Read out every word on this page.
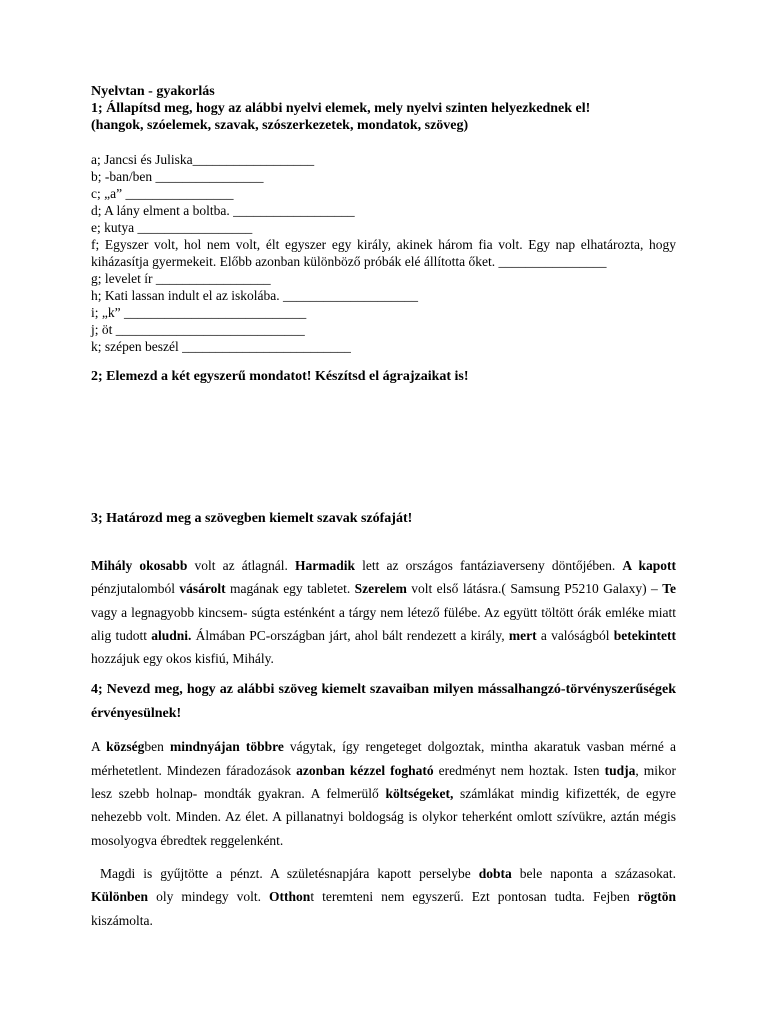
Nyelvtan - gyakorlás
1; Állapítsd meg, hogy az alábbi nyelvi elemek, mely nyelvi szinten helyezkednek el!
(hangok, szóelemek, szavak, szószerkezetek, mondatok, szöveg)
a; Jancsi és Juliska__________________
b; -ban/ben ________________
c; „a” ________________
d; A lány elment a boltba. __________________
e; kutya _________________
f; Egyszer volt, hol nem volt, élt egyszer egy király, akinek három fia volt. Egy nap elhatározta, hogy kiházasítja gyermekeit. Előbb azonban különböző próbák elé állította őket. ________________
g; levelet ír _________________
h; Kati lassan indult el az iskolába. ____________________
i; „k” ___________________________
j; öt ____________________________
k; szépen beszél _________________________
2; Elemezd a két egyszerű mondatot! Készítsd el ágrajzaikat is!
3; Határozd meg a szövegben kiemelt szavak szófaját!
Mihály okosabb volt az átlagnál. Harmadik lett az országos fantáziaverseny döntőjében. A kapott pénzjutalomból vásárolt magának egy tabletet. Szerelem volt első látásra.( Samsung P5210 Galaxy) – Te vagy a legnagyobb kincsem- súgta esténként a tárgy nem létező fülébe. Az együtt töltött órák emléke miatt alig tudott aludni. Álmában PC-országban járt, ahol bált rendezett a király, mert a valóságból betekintett hozzájuk egy okos kisfiú, Mihály.
4; Nevezd meg, hogy az alábbi szöveg kiemelt szavaiban milyen mássalhangzó-törvényszerűségek érvényesülnek!
A községben mindnyájan többre vágytak, így rengeteget dolgoztak, mintha akaratuk vasban mérné a mérhetetlent. Mindezen fáradozások azonban kézzel fogható eredményt nem hoztak. Isten tudja, mikor lesz szebb holnap- mondták gyakran. A felmerülő költségeket, számlákat mindig kifizették, de egyre nehezebb volt. Minden. Az élet. A pillanatnyi boldogság is olykor teherként omlott szívükre, aztán mégis mosolyogva ébredtek reggelenként.
Magdi is gyűjtötte a pénzt. A születésnapjára kapott perselybe dobta bele naponta a százasokat. Különben oly mindegy volt. Otthont teremteni nem egyszerű. Ezt pontosan tudta. Fejben rögtön kiszámolta.
